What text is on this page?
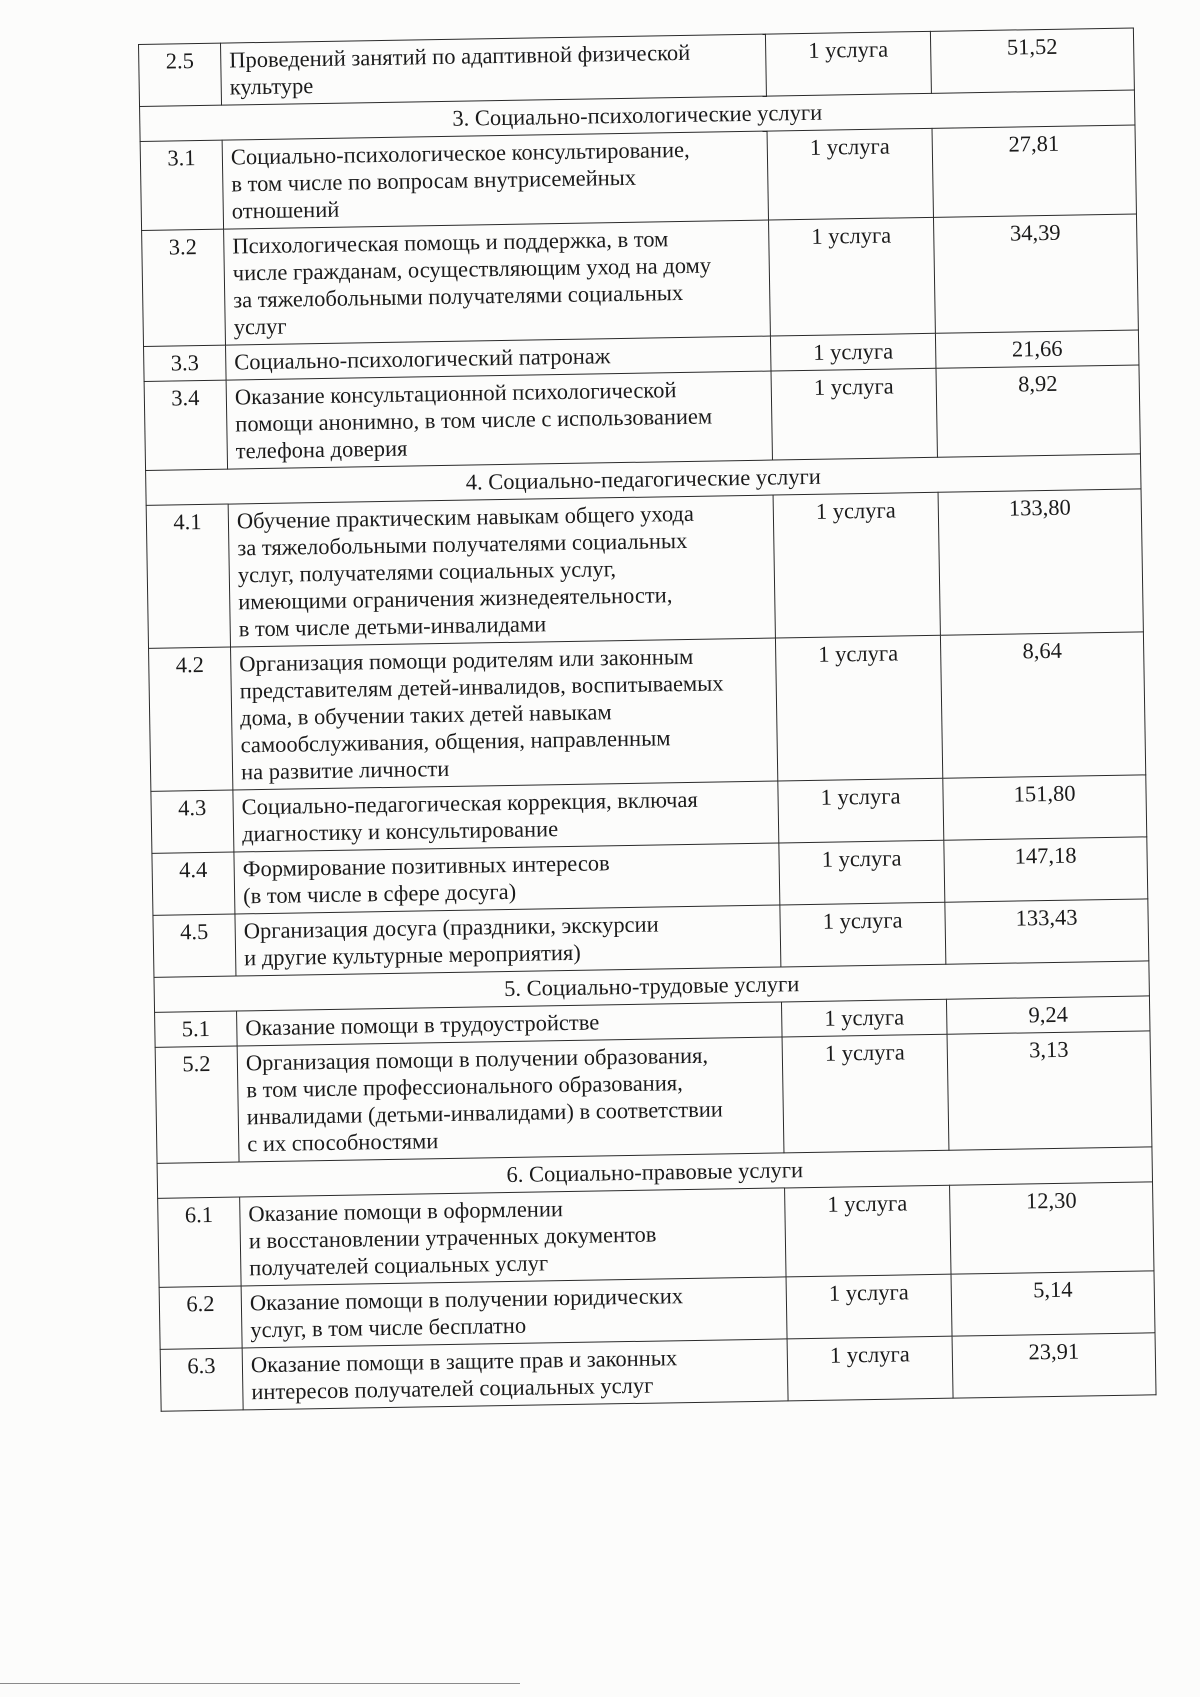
2.5	Проведений занятий по адаптивной физической
культуре	1 услуга	51,52
3. Социально-психологические услуги			
3.1	Социально-психологическое консультирование,
в том числе по вопросам внутрисемейных
отношений	1 услуга	27,81
3.2	Психологическая помощь и поддержка, в том
числе гражданам, осуществляющим уход на дому
за тяжелобольными получателями социальных
услуг	1 услуга	34,39
3.3	Социально-психологический патронаж	1 услуга	21,66
3.4	Оказание консультационной психологической
помощи анонимно, в том числе с использованием
телефона доверия	1 услуга	8,92
4. Социально-педагогические услуги			
4.1	Обучение практическим навыкам общего ухода
за тяжелобольными получателями социальных
услуг, получателями социальных услуг,
имеющими ограничения жизнедеятельности,
в том числе детьми-инвалидами	1 услуга	133,80
4.2	Организация помощи родителям или законным
представителям детей-инвалидов, воспитываемых
дома, в обучении таких детей навыкам
самообслуживания, общения, направленным
на развитие личности	1 услуга	8,64
4.3	Социально-педагогическая коррекция, включая
диагностику и консультирование	1 услуга	151,80
4.4	Формирование позитивных интересов
(в том числе в сфере досуга)	1 услуга	147,18
4.5	Организация досуга (праздники, экскурсии
и другие культурные мероприятия)	1 услуга	133,43
5. Социально-трудовые услуги			
5.1	Оказание помощи в трудоустройстве	1 услуга	9,24
5.2	Организация помощи в получении образования,
в том числе профессионального образования,
инвалидами (детьми-инвалидами) в соответствии
с их способностями	1 услуга	3,13
6. Социально-правовые услуги			
6.1	Оказание помощи в оформлении
и восстановлении утраченных документов
получателей социальных услуг	1 услуга	12,30
6.2	Оказание помощи в получении юридических
услуг, в том числе бесплатно	1 услуга	5,14
6.3	Оказание помощи в защите прав и законных
интересов получателей социальных услуг	1 услуга	23,91
